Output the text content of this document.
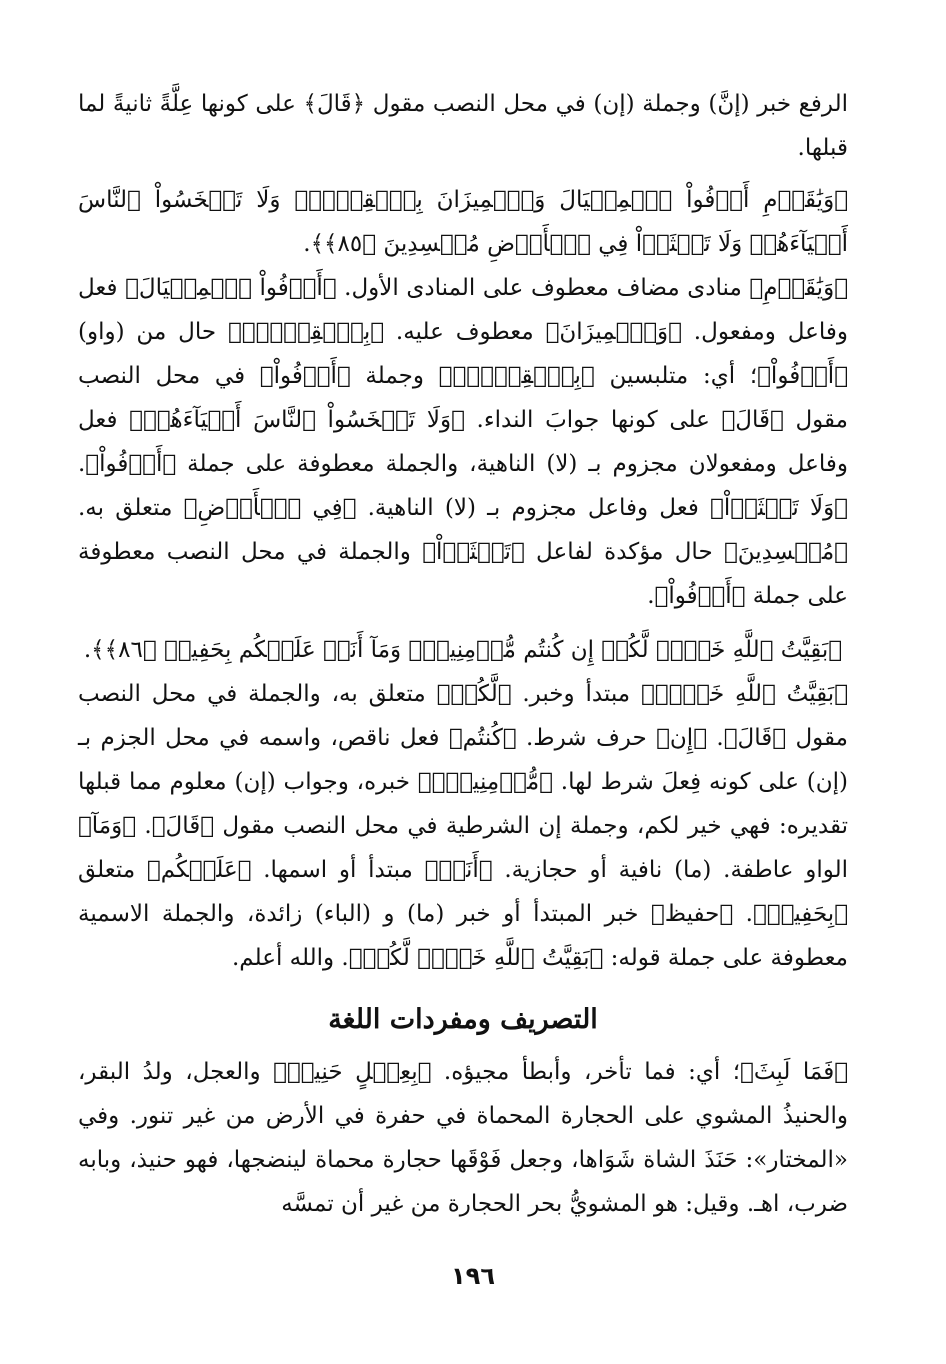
الرفع خبر (إنَّ) وجملة (إن) في محل النصب مقول ﴿قَالَ﴾ على كونها عِلَّةً ثانيةً لما قبلها.

﴿وَيَٰقَوۡمِ أَوۡفُواْ ٱلۡمِكۡيَالَ وَٱلۡمِيزَانَ بِٱلۡقِسۡطِۖ وَلَا تَبۡخَسُواْ ٱلنَّاسَ أَشۡيَآءَهُمۡ وَلَا تَعۡثَوۡاْ فِي ٱلۡأَرۡضِ مُفۡسِدِينَ ﴿٨٥﴾﴾.

﴿وَيَٰقَوۡمِ﴾ منادى مضاف معطوف على المنادى الأول. ﴿أَوۡفُواْ ٱلۡمِكۡيَالَ﴾ فعل وفاعل ومفعول. ﴿وَٱلۡمِيزَانَ﴾ معطوف عليه. ﴿بِٱلۡقِسۡطِۖ﴾ حال من (واو) ﴿أَوۡفُواْ﴾؛ أي: متلبسين ﴿بِٱلۡقِسۡطِۖ﴾ وجملة ﴿أَوۡفُواْ﴾ في محل النصب مقول ﴿قَالَ﴾ على كونها جوابَ النداء. ﴿وَلَا تَبۡخَسُواْ ٱلنَّاسَ أَشۡيَآءَهُمۡ﴾ فعل وفاعل ومفعولان مجزوم بـ (لا) الناهية، والجملة معطوفة على جملة ﴿أَوۡفُواْ﴾. ﴿وَلَا تَعۡثَوۡاْ﴾ فعل وفاعل مجزوم بـ (لا) الناهية. ﴿فِي ٱلۡأَرۡضِ﴾ متعلق به. ﴿مُفۡسِدِينَ﴾ حال مؤكدة لفاعل ﴿تَعۡثَوۡاْ﴾ والجملة في محل النصب معطوفة على جملة ﴿أَوۡفُواْ﴾.

﴿بَقِيَّتُ ٱللَّهِ خَيۡرٞ لَّكُمۡ إِن كُنتُم مُّؤۡمِنِينَۚ وَمَآ أَنَا۠ عَلَيۡكُم بِحَفِيظٖ ﴿٨٦﴾﴾.

﴿بَقِيَّتُ ٱللَّهِ خَيۡرٞ﴾ مبتدأ وخبر. ﴿لَّكُمۡ﴾ متعلق به، والجملة في محل النصب مقول ﴿قَالَ﴾. ﴿إِن﴾ حرف شرط. ﴿كُنتُم﴾ فعل ناقص، واسمه في محل الجزم بـ (إن) على كونه فِعلَ شرط لها. ﴿مُّؤۡمِنِينَۚ﴾ خبره، وجواب (إن) معلوم مما قبلها تقديره: فهي خير لكم، وجملة إن الشرطية في محل النصب مقول ﴿قَالَ﴾. ﴿وَمَآ﴾ الواو عاطفة. (ما) نافية أو حجازية. ﴿أَنَا۠﴾ مبتدأ أو اسمها. ﴿عَلَيۡكُم﴾ متعلق ﴿بِحَفِيظٖ﴾. ﴿حفيظ﴾ خبر المبتدأ أو خبر (ما) و (الباء) زائدة، والجملة الاسمية معطوفة على جملة قوله: ﴿بَقِيَّتُ ٱللَّهِ خَيۡرٞ لَّكُمۡ﴾. والله أعلم.

التصريف ومفردات اللغة

﴿فَمَا لَبِثَ﴾؛ أي: فما تأخر، وأبطأ مجيؤه. ﴿بِعِجۡلٍ حَنِيذٖ﴾ والعجل، ولدُ البقر، والحنيذُ المشوي على الحجارة المحماة في حفرة في الأرض من غير تنور. وفي «المختار»: حَنَذَ الشاة شَوَاها، وجعل فَوْقَها حجارة محماة لينضجها، فهو حنيذ، وبابه ضرب، اهـ. وقيل: هو المشويُّ بحر الحجارة من غير أن تمسَّه

١٩٦
